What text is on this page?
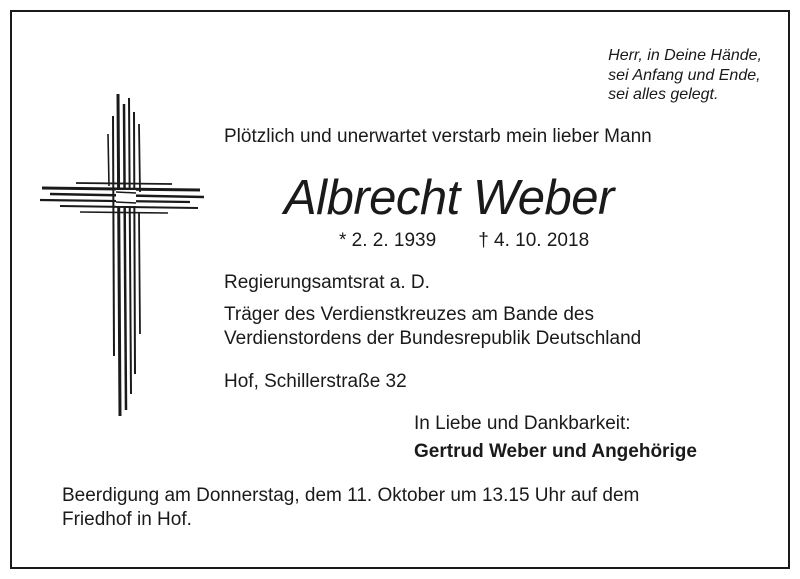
Herr, in Deine Hände,
sei Anfang und Ende,
sei alles gelegt.
Plötzlich und unerwartet verstarb mein lieber Mann
Albrecht Weber
* 2. 2. 1939 † 4. 10. 2018
Regierungsamtsrat a. D.
Träger des Verdienstkreuzes am Bande des
Verdienstordens der Bundesrepublik Deutschland
Hof, Schillerstraße 32
In Liebe und Dankbarkeit:
Gertrud Weber und Angehörige
Beerdigung am Donnerstag, dem 11. Oktober um 13.15 Uhr auf dem
Friedhof in Hof.
